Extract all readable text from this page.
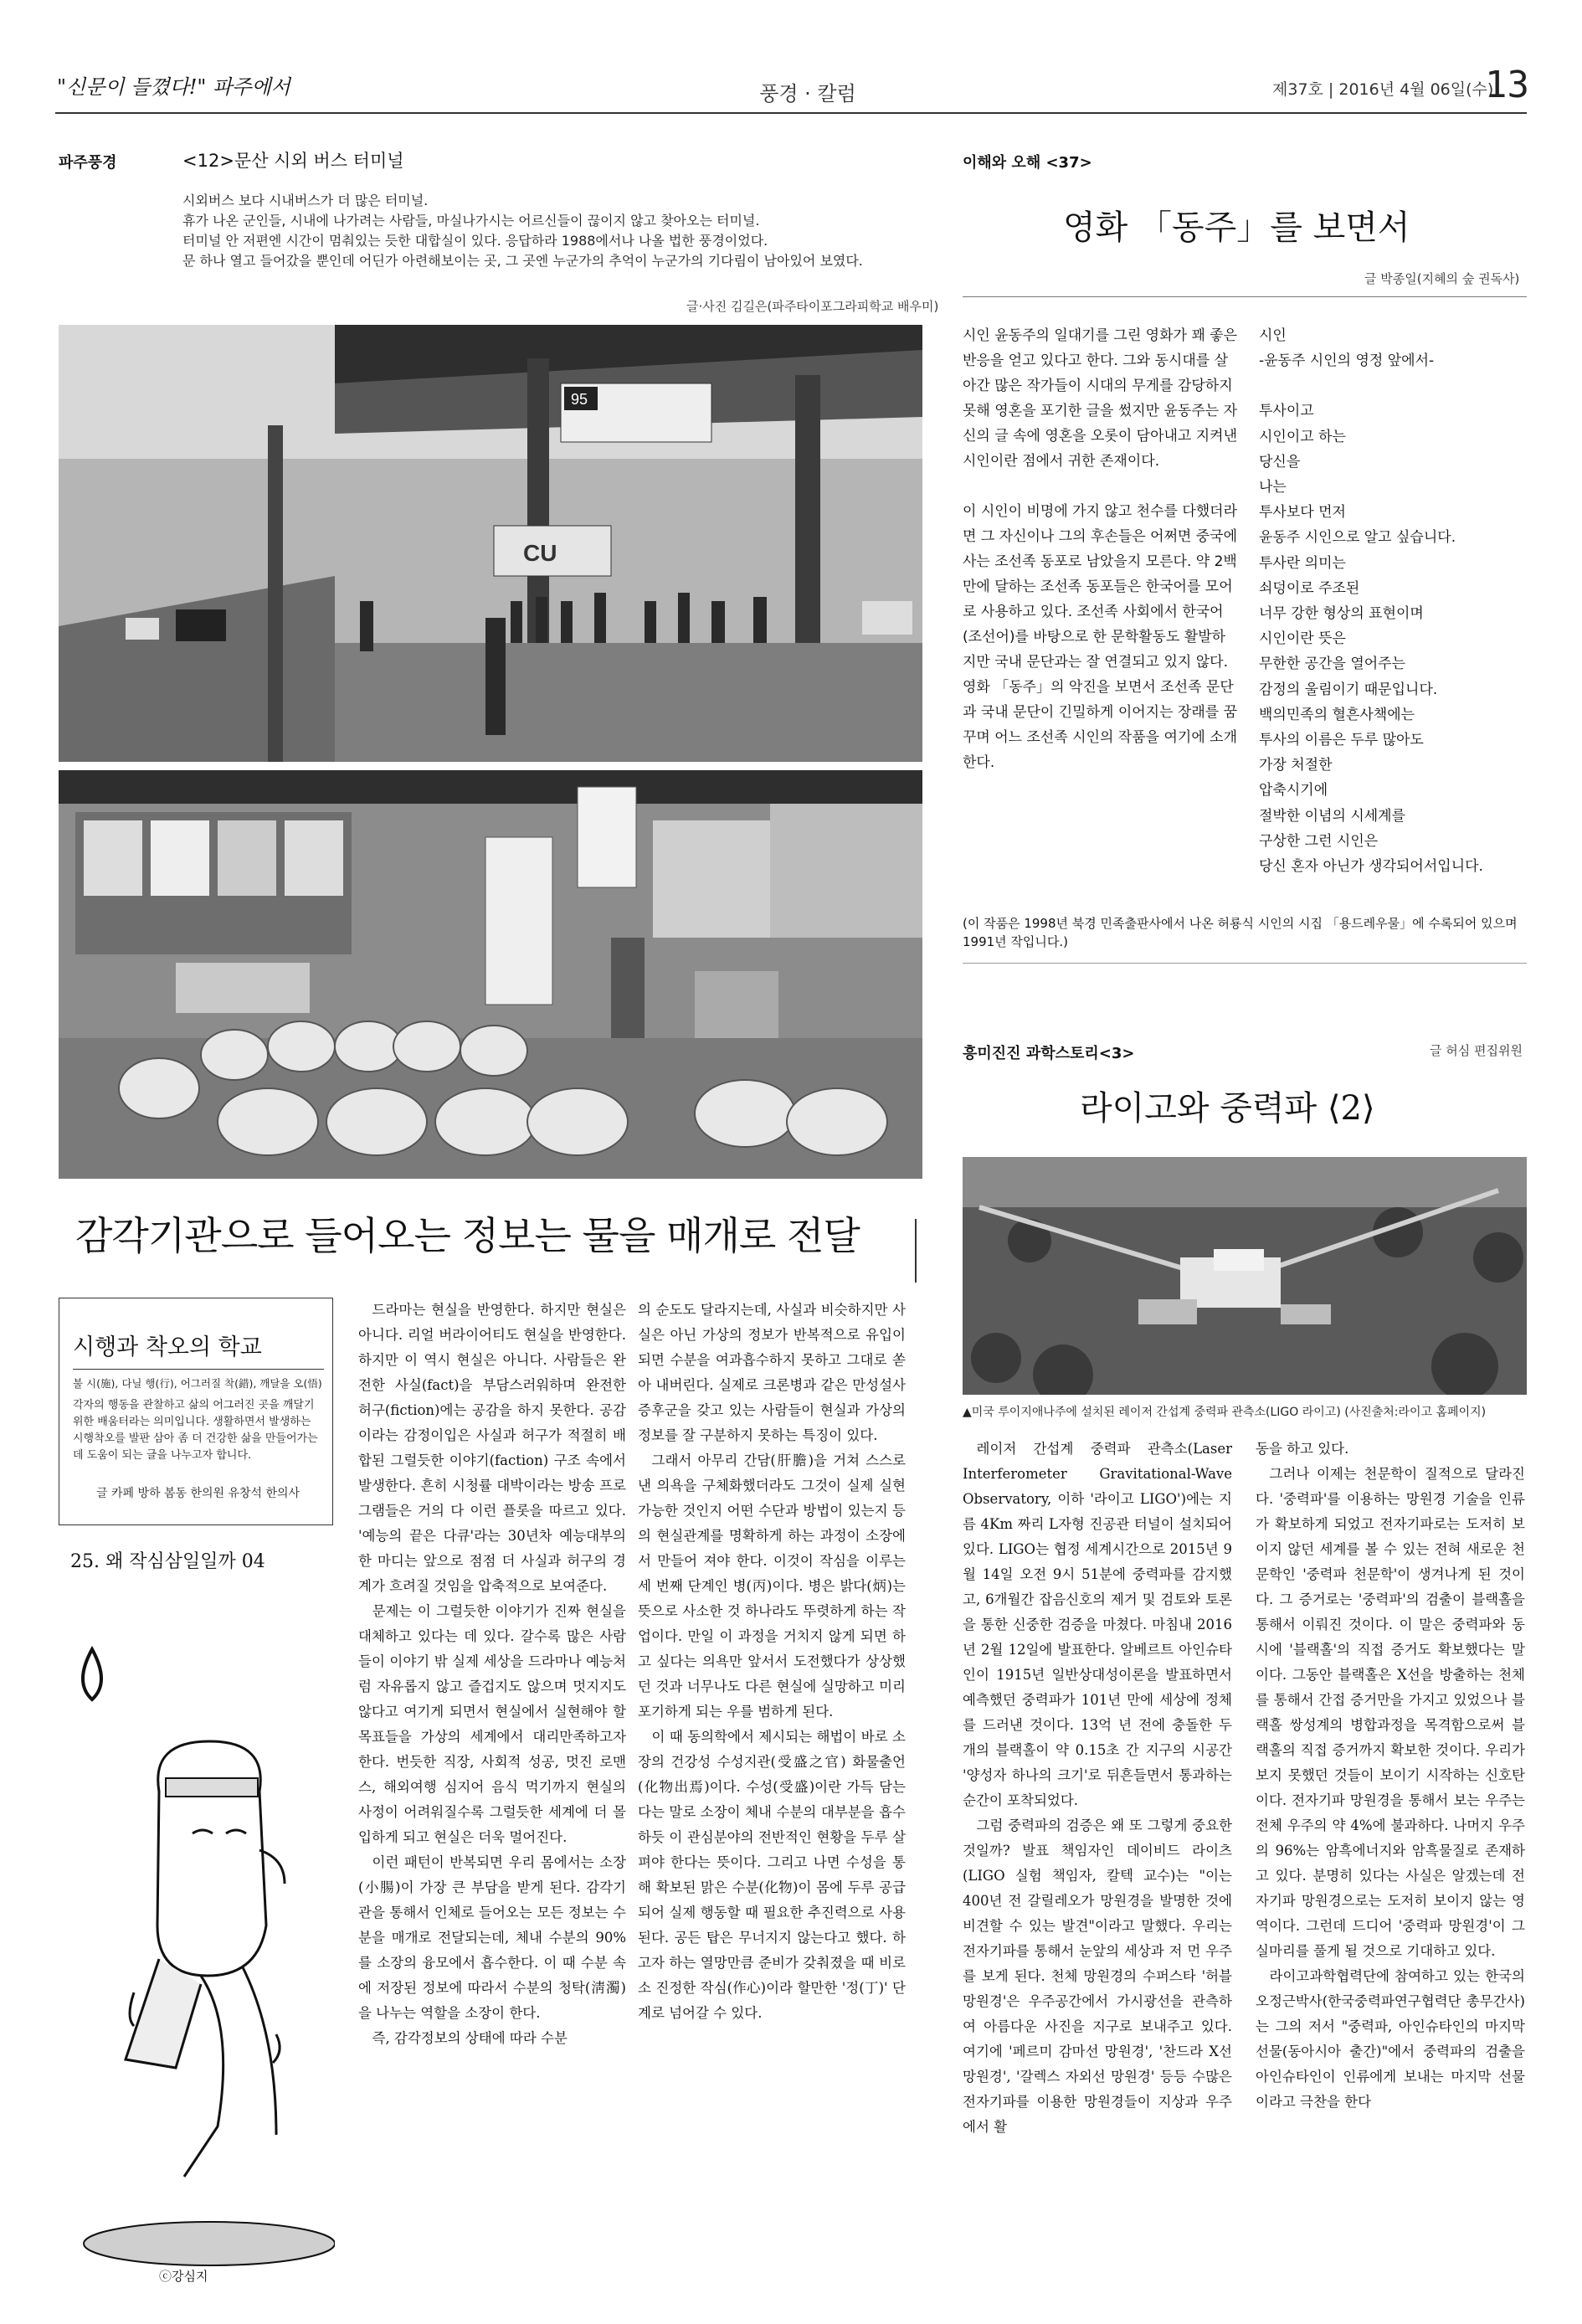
"신문이 들꼈다!" 파주에서	풍경 · 칼럼	제37호 | 2016년 4월 06일(수)
13
파주풍경	<12>문산 시외 버스 터미널
시외버스 보다 시내버스가 더 많은 터미널.
휴가 나온 군인들, 시내에 나가려는 사람들, 마실나가시는 어르신들이 끊이지 않고 찾아오는 터미널.
터미널 안 저편엔 시간이 멈춰있는 듯한 대합실이 있다. 응답하라 1988에서나 나올 법한 풍경이었다.
문 하나 열고 들어갔을 뿐인데 어딘가 아련해보이는 곳, 그 곳엔 누군가의 추억이 누군가의 기다림이 남아있어 보였다.
글·사진 김길은(파주타이포그라피학교 배우미)
95
CU
감각기관으로 들어오는 정보는 물을 매개로 전달
시행과 착오의 학교
불 시(施), 다닐 행(行), 어그러질 착(錯), 깨달을 오(悟)
각자의 행동을 관찰하고 삶의 어그러진 곳을 깨달기 위한 배움터라는 의미입니다. 생활하면서 발생하는 시행착오를 발판 삼아 좀 더 건강한 삶을 만들어가는데 도움이 되는 글을 나누고자 합니다.
글 카페 방하 봄동 한의원 유창석 한의사
25. 왜 작심삼일일까 04
ⓒ강심지

드라마는 현실을 반영한다. 하지만 현실은 아니다. 리얼 버라이어티도 현실을 반영한다. 하지만 이 역시 현실은 아니다. 사람들은 완전한 사실(fact)을 부담스러워하며 완전한 허구(fiction)에는 공감을 하지 못한다. 공감이라는 감정이입은 사실과 허구가 적절히 배합된 그럴듯한 이야기(faction) 구조 속에서 발생한다. 흔히 시청률 대박이라는 방송 프로그램들은 거의 다 이런 플롯을 따르고 있다. '예능의 끝은 다큐'라는 30년차 예능대부의 한 마디는 앞으로 점점 더 사실과 허구의 경계가 흐려질 것임을 압축적으로 보여준다.

문제는 이 그럴듯한 이야기가 진짜 현실을 대체하고 있다는 데 있다. 갈수록 많은 사람들이 이야기 밖 실제 세상을 드라마나 예능처럼 자유롭지 않고 즐겁지도 않으며 멋지지도 않다고 여기게 되면서 현실에서 실현해야 할 목표들을 가상의 세계에서 대리만족하고자 한다. 번듯한 직장, 사회적 성공, 멋진 로맨스, 해외여행 심지어 음식 먹기까지 현실의 사정이 어려워질수록 그럴듯한 세계에 더 몰입하게 되고 현실은 더욱 멀어진다.

이런 패턴이 반복되면 우리 몸에서는 소장(小腸)이 가장 큰 부담을 받게 된다. 감각기관을 통해서 인체로 들어오는 모든 정보는 수분을 매개로 전달되는데, 체내 수분의 90%를 소장의 융모에서 흡수한다. 이 때 수분 속에 저장된 정보에 따라서 수분의 청탁(淸濁)을 나누는 역할을 소장이 한다.

즉, 감각정보의 상태에 따라 수분

의 순도도 달라지는데, 사실과 비슷하지만 사실은 아닌 가상의 정보가 반복적으로 유입이 되면 수분을 여과흡수하지 못하고 그대로 쏟아 내버린다. 실제로 크론병과 같은 만성설사증후군을 갖고 있는 사람들이 현실과 가상의 정보를 잘 구분하지 못하는 특징이 있다.

그래서 아무리 간담(肝膽)을 거쳐 스스로 낸 의욕을 구체화했더라도 그것이 실제 실현 가능한 것인지 어떤 수단과 방법이 있는지 등의 현실관계를 명확하게 하는 과정이 소장에서 만들어 져야 한다. 이것이 작심을 이루는 세 번째 단계인 병(丙)이다. 병은 밝다(炳)는 뜻으로 사소한 것 하나라도 뚜렷하게 하는 작업이다. 만일 이 과정을 거치지 않게 되면 하고 싶다는 의욕만 앞서서 도전했다가 상상했던 것과 너무나도 다른 현실에 실망하고 미리 포기하게 되는 우를 범하게 된다.

이 때 동의학에서 제시되는 해법이 바로 소장의 건강성 수성지관(受盛之官) 화물출언(化物出焉)이다. 수성(受盛)이란 가득 담는다는 말로 소장이 체내 수분의 대부분을 흡수하듯 이 관심분야의 전반적인 현황을 두루 살펴야 한다는 뜻이다. 그리고 나면 수성을 통해 확보된 맑은 수분(化物)이 몸에 두루 공급되어 실제 행동할 때 필요한 추진력으로 사용된다. 공든 탑은 무너지지 않는다고 했다. 하고자 하는 열망만큼 준비가 갖춰졌을 때 비로소 진정한 작심(作心)이라 할만한 '정(丁)' 단계로 넘어갈 수 있다.

이해와 오해 <37>
영화 「동주」를 보면서
글 박종일(지혜의 숲 권독사)

시인 윤동주의 일대기를 그린 영화가 꽤 좋은 반응을 얻고 있다고 한다. 그와 동시대를 살아간 많은 작가들이 시대의 무게를 감당하지 못해 영혼을 포기한 글을 썼지만 윤동주는 자신의 글 속에 영혼을 오롯이 담아내고 지켜낸 시인이란 점에서 귀한 존재이다.

이 시인이 비명에 가지 않고 천수를 다했더라면 그 자신이나 그의 후손들은 어쩌면 중국에 사는 조선족 동포로 남았을지 모른다. 약 2백만에 달하는 조선족 동포들은 한국어를 모어로 사용하고 있다. 조선족 사회에서 한국어(조선어)를 바탕으로 한 문학활동도 활발하지만 국내 문단과는 잘 연결되고 있지 않다. 영화 「동주」의 악진을 보면서 조선족 문단과 국내 문단이 긴밀하게 이어지는 장래를 꿈꾸며 어느 조선족 시인의 작품을 여기에 소개한다.

시인
-윤동주 시인의 영정 앞에서-
투사이고
시인이고 하는
당신을
나는
투사보다 먼저
윤동주 시인으로 알고 싶습니다.
투사란 의미는
쇠덩이로 주조된
너무 강한 형상의 표현이며
시인이란 뜻은
무한한 공간을 열어주는
감정의 울림이기 때문입니다.
백의민족의 혈흔사책에는
투사의 이름은 두루 많아도
가장 처절한
압축시기에
절박한 이념의 시세계를
구상한 그런 시인은
당신 혼자 아닌가 생각되어서입니다.
(이 작품은 1998년 북경 민족출판사에서 나온 허룡식 시인의 시집 「용드레우물」에 수록되어 있으며 1991년 작입니다.)
흥미진진 과학스토리<3>	글 허심 편집위원
라이고와 중력파 ⟨2⟩
▲미국 루이지애나주에 설치된 레이저 간섭계 중력파 관측소(LIGO 라이고) (사진출처:라이고 홈페이지)

레이저 간섭계 중력파 관측소(Laser Interferometer Gravitational-Wave Observatory, 이하 '라이고 LIGO')에는 지름 4Km 짜리 L자형 진공관 터널이 설치되어 있다. LIGO는 협정 세계시간으로 2015년 9월 14일 오전 9시 51분에 중력파를 감지했고, 6개월간 잡음신호의 제거 및 검토와 토론을 통한 신중한 검증을 마쳤다. 마침내 2016년 2월 12일에 발표한다. 알베르트 아인슈타인이 1915년 일반상대성이론을 발표하면서 예측했던 중력파가 101년 만에 세상에 정체를 드러낸 것이다. 13억 년 전에 충돌한 두 개의 블랙홀이 약 0.15초 간 지구의 시공간 '양성자 하나의 크기'로 뒤흔들면서 통과하는 순간이 포착되었다.

그럼 중력파의 검증은 왜 또 그렇게 중요한 것일까? 발표 책임자인 데이비드 라이츠(LIGO 실험 책임자, 칼텍 교수)는 "이는 400년 전 갈릴레오가 망원경을 발명한 것에 비견할 수 있는 발견"이라고 말했다. 우리는 전자기파를 통해서 눈앞의 세상과 저 먼 우주를 보게 된다. 천체 망원경의 수퍼스타 '허블 망원경'은 우주공간에서 가시광선을 관측하여 아름다운 사진을 지구로 보내주고 있다. 여기에 '페르미 감마선 망원경', '찬드라 X선 망원경', '갈렉스 자외선 망원경' 등등 수많은 전자기파를 이용한 망원경들이 지상과 우주에서 활

동을 하고 있다.

그러나 이제는 천문학이 질적으로 달라진다. '중력파'를 이용하는 망원경 기술을 인류가 확보하게 되었고 전자기파로는 도저히 보이지 않던 세계를 볼 수 있는 전혀 새로운 천문학인 '중력파 천문학'이 생겨나게 된 것이다. 그 증거로는 '중력파'의 검출이 블랙홀을 통해서 이뤄진 것이다. 이 말은 중력파와 동시에 '블랙홀'의 직접 증거도 확보했다는 말이다. 그동안 블랙홀은 X선을 방출하는 천체를 통해서 간접 증거만을 가지고 있었으나 블랙홀 쌍성계의 병합과정을 목격함으로써 블랙홀의 직접 증거까지 확보한 것이다. 우리가 보지 못했던 것들이 보이기 시작하는 신호탄이다. 전자기파 망원경을 통해서 보는 우주는 전체 우주의 약 4%에 불과하다. 나머지 우주의 96%는 암흑에너지와 암흑물질로 존재하고 있다. 분명히 있다는 사실은 알겠는데 전자기파 망원경으로는 도저히 보이지 않는 영역이다. 그런데 드디어 '중력파 망원경'이 그 실마리를 풀게 될 것으로 기대하고 있다.

라이고과학협력단에 참여하고 있는 한국의 오정근박사(한국중력파연구협력단 총무간사)는 그의 저서 "중력파, 아인슈타인의 마지막 선물(동아시아 출간)"에서 중력파의 검출을 아인슈타인이 인류에게 보내는 마지막 선물이라고 극찬을 한다
